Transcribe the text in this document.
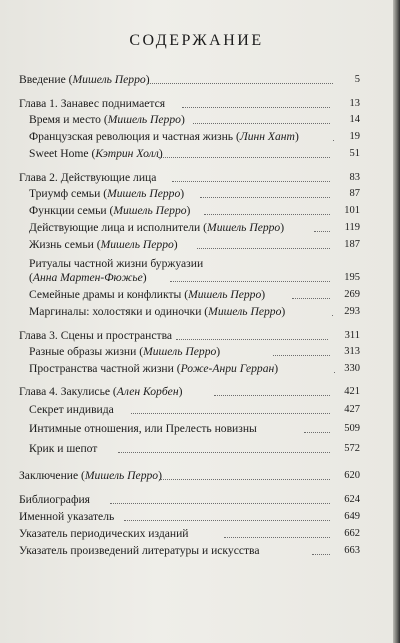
СОДЕРЖАНИЕ
Введение (Мишель Перро)	5
Глава 1. Занавес поднимается	13
Время и место (Мишель Перро)	14
Французская революция и частная жизнь (Линн Хант)	19
Sweet Home (Кэтрин Холл)	51
Глава 2. Действующие лица	83
Триумф семьи (Мишель Перро)	87
Функции семьи (Мишель Перро)	101
Действующие лица и исполнители (Мишель Перро)	119
Жизнь семьи (Мишель Перро)	187
Ритуалы частной жизни буржуазии
(Анна Мартен-Фюжье)	195
Семейные драмы и конфликты (Мишель Перро)	269
Маргиналы: холостяки и одиночки (Мишель Перро)	293
Глава 3. Сцены и пространства	311
Разные образы жизни (Мишель Перро)	313
Пространства частной жизни (Роже-Анри Герран)	330
Глава 4. Закулисье (Ален Корбен)	421
Секрет индивида	427
Интимные отношения, или Прелесть новизны	509
Крик и шепот	572
Заключение (Мишель Перро)	620
Библиография	624
Именной указатель	649
Указатель периодических изданий	662
Указатель произведений литературы и искусства	663
